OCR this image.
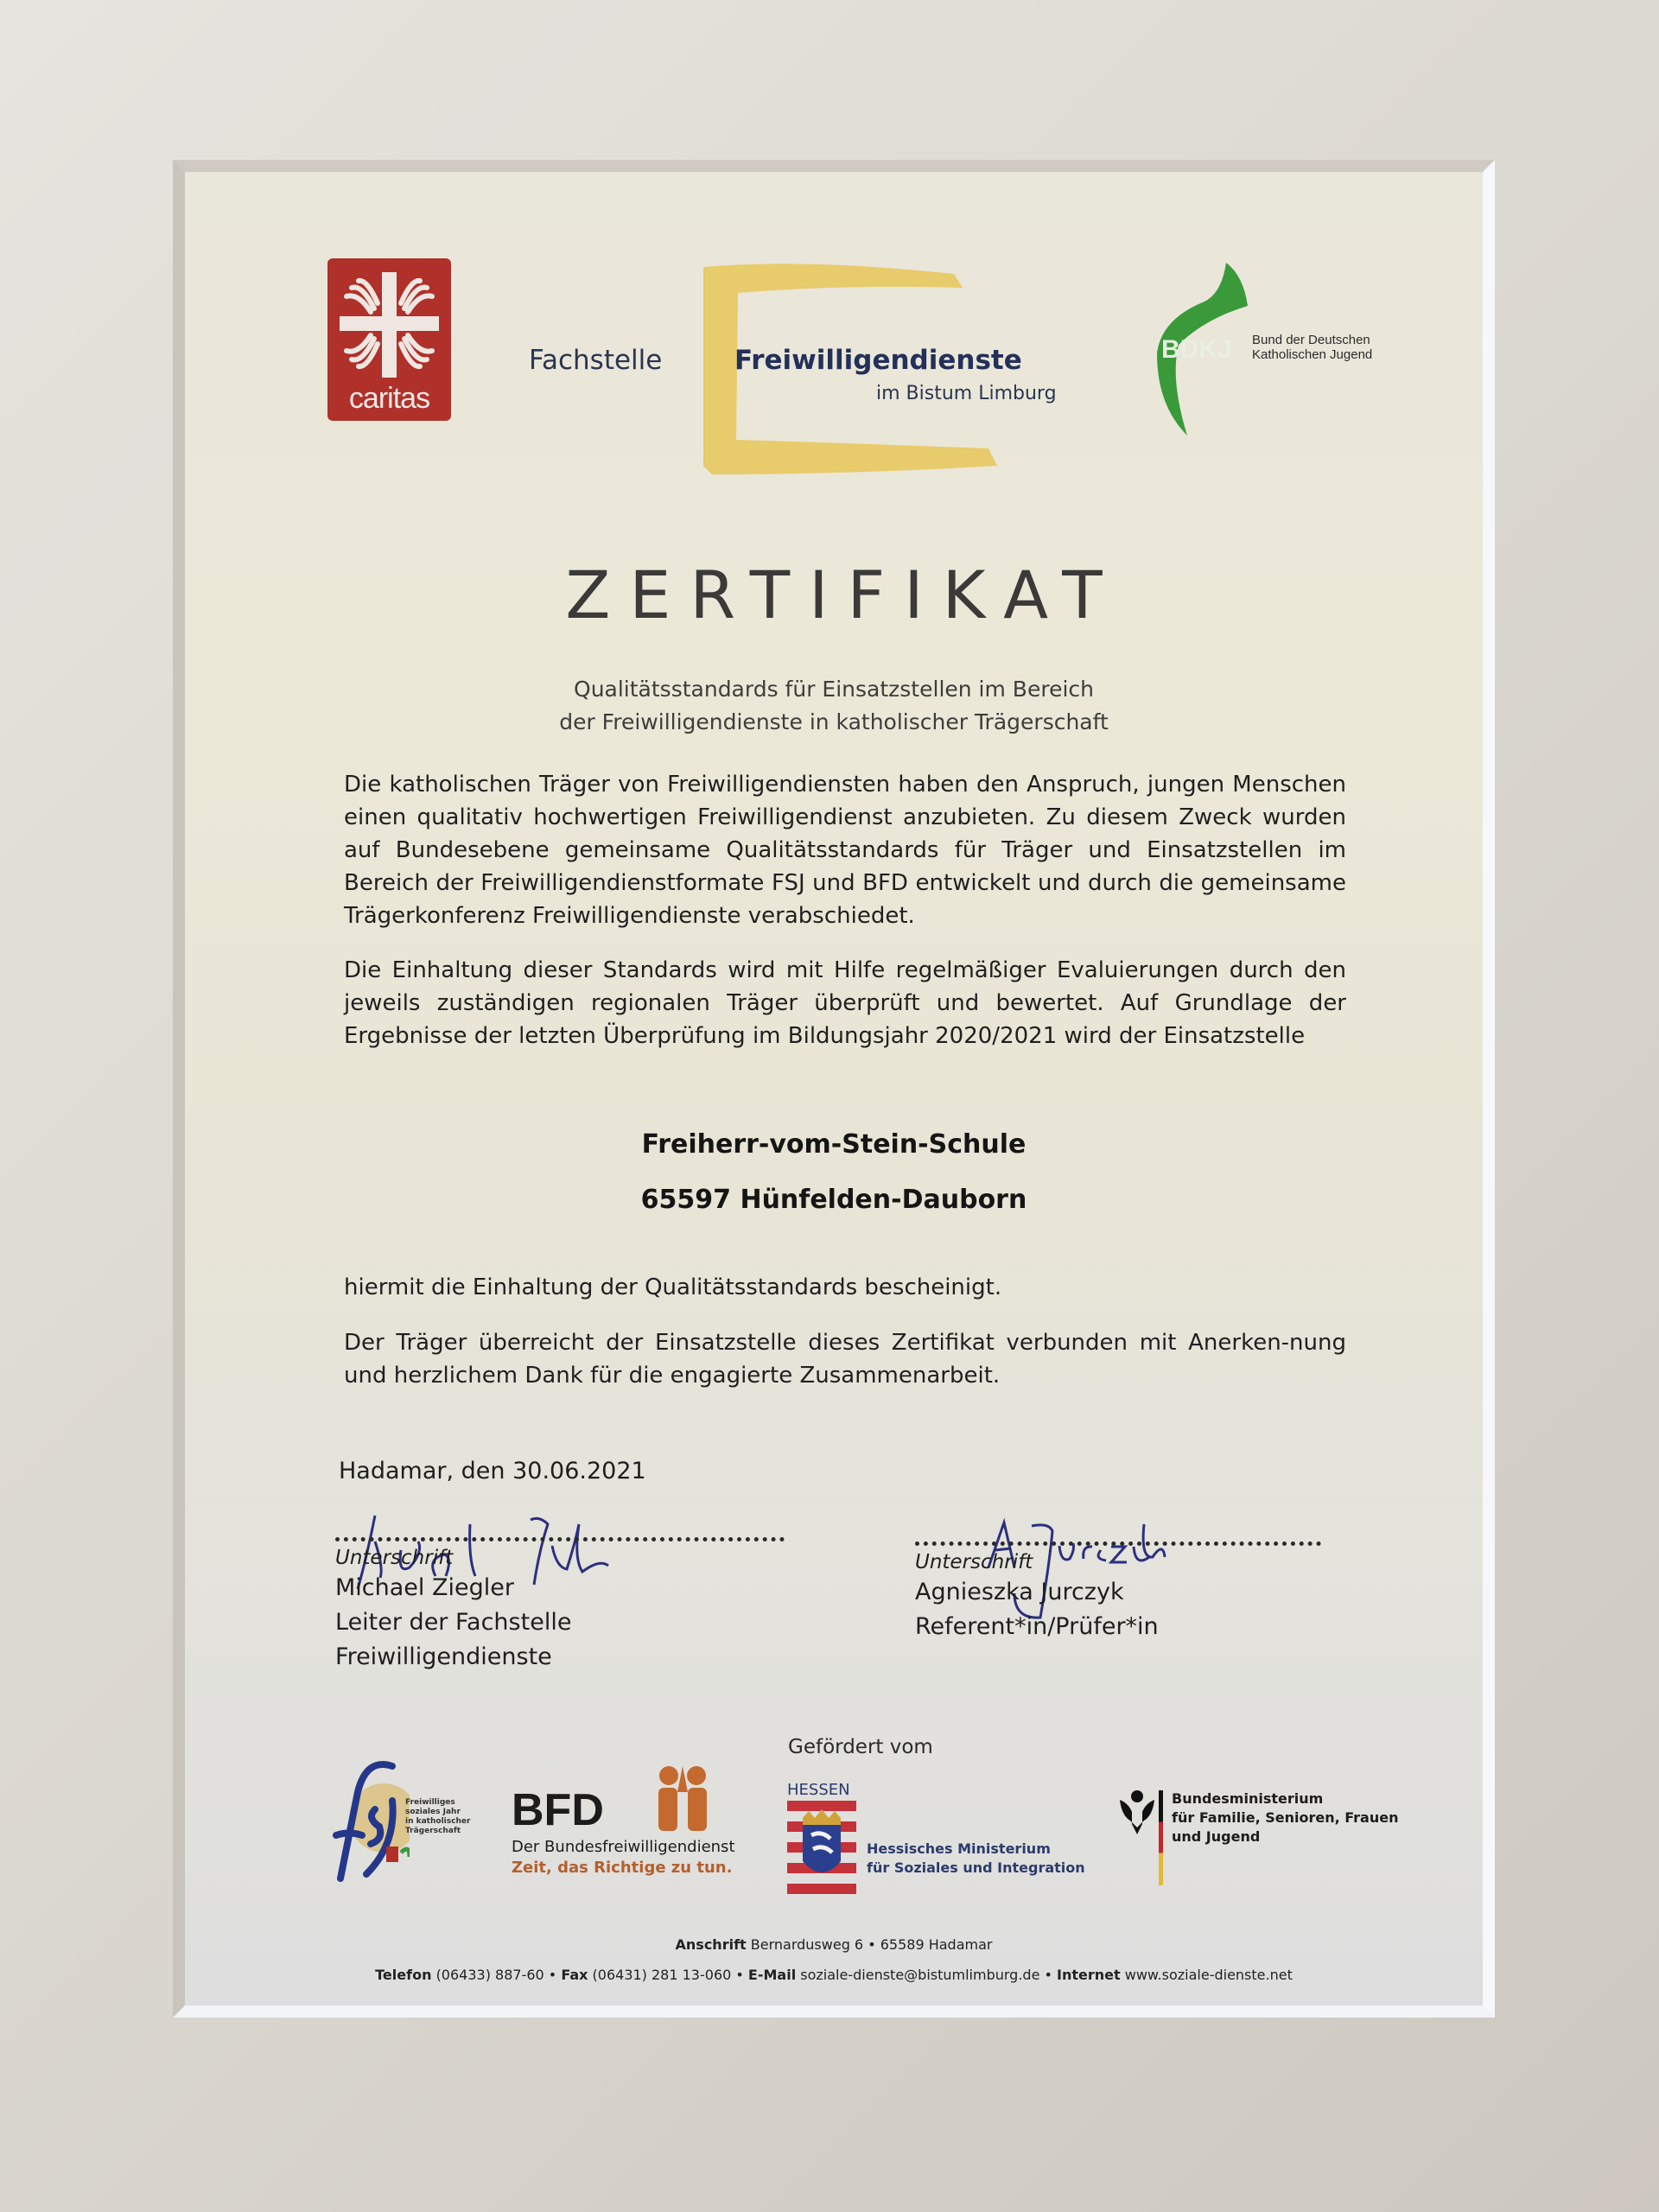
caritas
Fachstelle	Freiwilligendienste
im Bistum Limburg
BDKJ Bund der Deutschen
Katholischen Jugend
ZERTIFIKAT
Qualitätsstandards für Einsatzstellen im Bereich
der Freiwilligendienste in katholischer Trägerschaft

Die katholischen Träger von Freiwilligendiensten haben den Anspruch, jungen Menschen einen qualitativ hochwertigen Freiwilligendienst anzubieten. Zu diesem Zweck wurden auf Bundesebene gemeinsame Qualitätsstandards für Träger und Einsatzstellen im Bereich der Freiwilligendienstformate FSJ und BFD entwickelt und durch die gemeinsame Trägerkonferenz Freiwilligendienste verabschiedet.

Die Einhaltung dieser Standards wird mit Hilfe regelmäßiger Evaluierungen durch den jeweils zuständigen regionalen Träger überprüft und bewertet. Auf Grundlage der Ergebnisse der letzten Überprüfung im Bildungsjahr 2020/2021 wird der Einsatzstelle

Freiherr-vom-Stein-Schule
65597 Hünfelden-Dauborn

hiermit die Einhaltung der Qualitätsstandards bescheinigt.

Der Träger überreicht der Einsatzstelle dieses Zertifikat verbunden mit Anerken-nung und herzlichem Dank für die engagierte Zusammenarbeit.

Hadamar, den 30.06.2021
Unterschrift
Michael Ziegler
Leiter der Fachstelle Freiwilligendienste
Unterschrift
Agnieszka Jurczyk
Referent*in/Prüfer*in
Gefördert vom
Freiwilliges
soziales Jahr
in katholischer
Trägerschaft BFD
Der Bundesfreiwilligendienst
Zeit, das Richtige zu tun.
HESSEN
Hessisches Ministerium
für Soziales und Integration
Bundesministerium
für Familie, Senioren, Frauen
und Jugend
Anschrift Bernardusweg 6 • 65589 Hadamar
Telefon (06433) 887-60 • Fax (06431) 281 13-060 • E-Mail soziale-dienste@bistumlimburg.de • Internet www.soziale-dienste.net
